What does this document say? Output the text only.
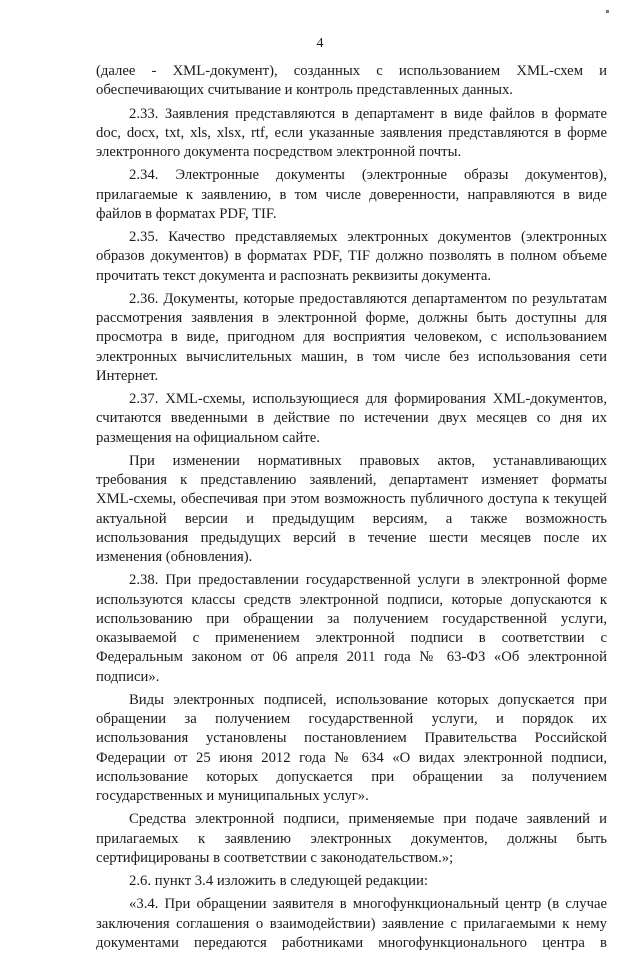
4

(далее - XML-документ), созданных с использованием XML-схем и
обеспечивающих считывание и контроль представленных данных.

2.33. Заявления представляются в департамент в виде файлов в формате
doc, docx, txt, xls, xlsx, rtf, если указанные заявления представляются в форме
электронного документа посредством электронной почты.

2.34. Электронные документы (электронные образы документов),
прилагаемые к заявлению, в том числе доверенности, направляются в виде
файлов в форматах PDF, TIF.

2.35. Качество представляемых электронных документов (электронных
образов документов) в форматах PDF, TIF должно позволять в полном объеме
прочитать текст документа и распознать реквизиты документа.

2.36. Документы, которые предоставляются департаментом по результатам
рассмотрения заявления в электронной форме, должны быть доступны для
просмотра в виде, пригодном для восприятия человеком, с использованием
электронных вычислительных машин, в том числе без использования сети
Интернет.

2.37. XML-схемы, использующиеся для формирования XML-документов,
считаются введенными в действие по истечении двух месяцев со дня их
размещения на официальном сайте.

При изменении нормативных правовых актов, устанавливающих
требования к представлению заявлений, департамент изменяет форматы
XML-схемы, обеспечивая при этом возможность публичного доступа к текущей
актуальной версии и предыдущим версиям, а также возможность
использования предыдущих версий в течение шести месяцев после их
изменения (обновления).

2.38. При предоставлении государственной услуги в электронной форме
используются классы средств электронной подписи, которые допускаются к
использованию при обращении за получением государственной услуги,
оказываемой с применением электронной подписи в соответствии с
Федеральным законом от 06 апреля 2011 года № 63-ФЗ «Об электронной
подписи».

Виды электронных подписей, использование которых допускается при
обращении за получением государственной услуги, и порядок их
использования установлены постановлением Правительства Российской
Федерации от 25 июня 2012 года № 634 «О видах электронной подписи,
использование которых допускается при обращении за получением
государственных и муниципальных услуг».

Средства электронной подписи, применяемые при подаче заявлений и
прилагаемых к заявлению электронных документов, должны быть
сертифицированы в соответствии с законодательством.»;

2.6. пункт 3.4 изложить в следующей редакции:

«3.4. При обращении заявителя в многофункциональный центр (в случае
заключения соглашения о взаимодействии) заявление с прилагаемыми к нему
документами передаются работниками многофункционального центра в
